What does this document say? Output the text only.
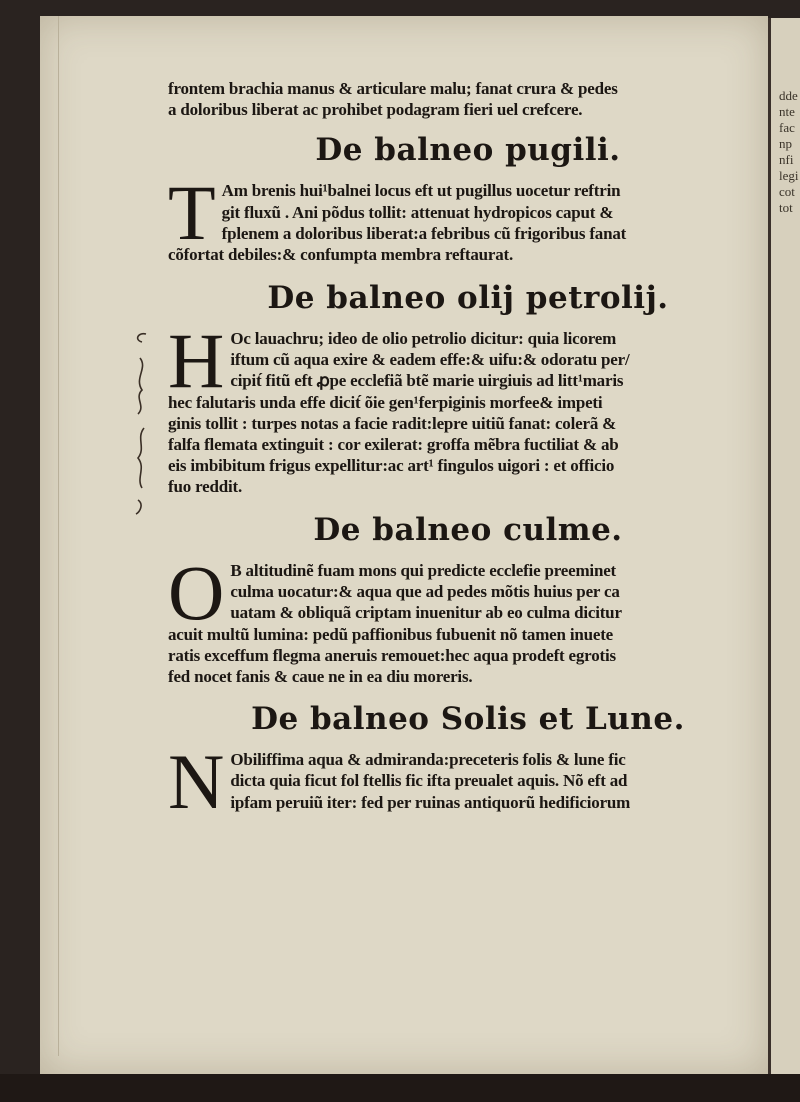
dde
nte
fac
np
nfi
legi
cot
tot
frontem brachia manus & articulare malu; fanat crura & pedes
a doloribus liberat ac prohibet podagram fieri uel crefcere.
De balneo pugili.
T Am brenis hui¹balnei locus eft ut pugillus uocetur reftrin
git fluxũ . Ani põdus tollit: attenuat hydropicos caput &
fplenem a doloribus liberat:a febribus cũ frigoribus fanat
cõfortat debiles:& confumpta membra reftaurat.
De balneo olij petrolij.
H Oc lauachru; ideo de olio petrolio dicitur: quia licorem
iftum cũ aqua exire & eadem effe:& uifu:& odoratu per/
cipit́ fitũ eft ꝓpe ecclefiã btẽ marie uirgiuis ad litt¹maris
hec falutaris unda effe dicit́ õie gen¹ferpiginis morfee& impeti
ginis tollit : turpes notas a facie radit:lepre uitiũ fanat: colerã &
falfa flemata extinguit : cor exilerat: groffa mẽbra fuctiliat & ab
eis imbibitum frigus expellitur:ac art¹ fingulos uigori : et officio
fuo reddit.
De balneo culme.
O B altitudinẽ fuam mons qui predicte ecclefie preeminet
culma uocatur:& aqua que ad pedes mõtis huius per ca
uatam & obliquã criptam inuenitur ab eo culma dicitur
acuit multũ lumina: pedũ paffionibus fubuenit nõ tamen inuete
ratis exceffum flegma aneruis remouet:hec aqua prodeft egrotis
fed nocet fanis & caue ne in ea diu moreris.
De balneo Solis et Lune.
N Obiliffima aqua & admiranda:preceteris folis & lune fic
dicta quia ficut fol ftellis fic ifta preualet aquis. Nõ eft ad
ipfam peruiũ iter: fed per ruinas antiquorũ hedificiorum
